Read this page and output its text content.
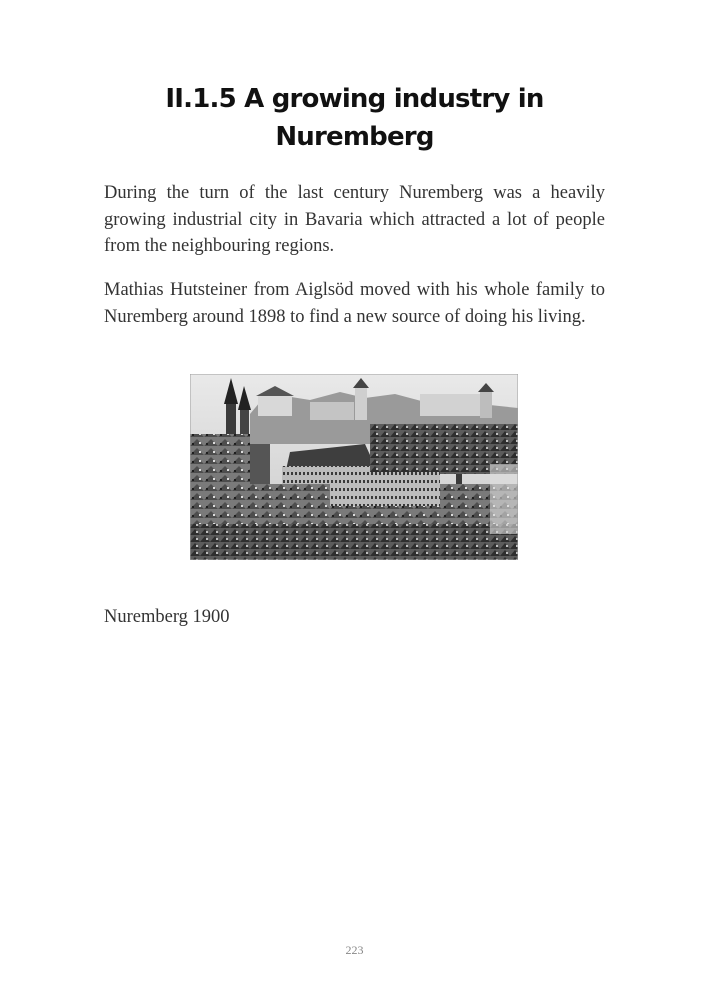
II.1.5 A growing industry in
Nuremberg

During the turn of the last century Nuremberg was a heavily growing industrial city in Bavaria which attracted a lot of people from the neighbouring regions.

Mathias Hutsteiner from Aiglsöd moved with his whole family to Nuremberg around 1898 to find a new source of doing his living.

Nuremberg 1900

223
